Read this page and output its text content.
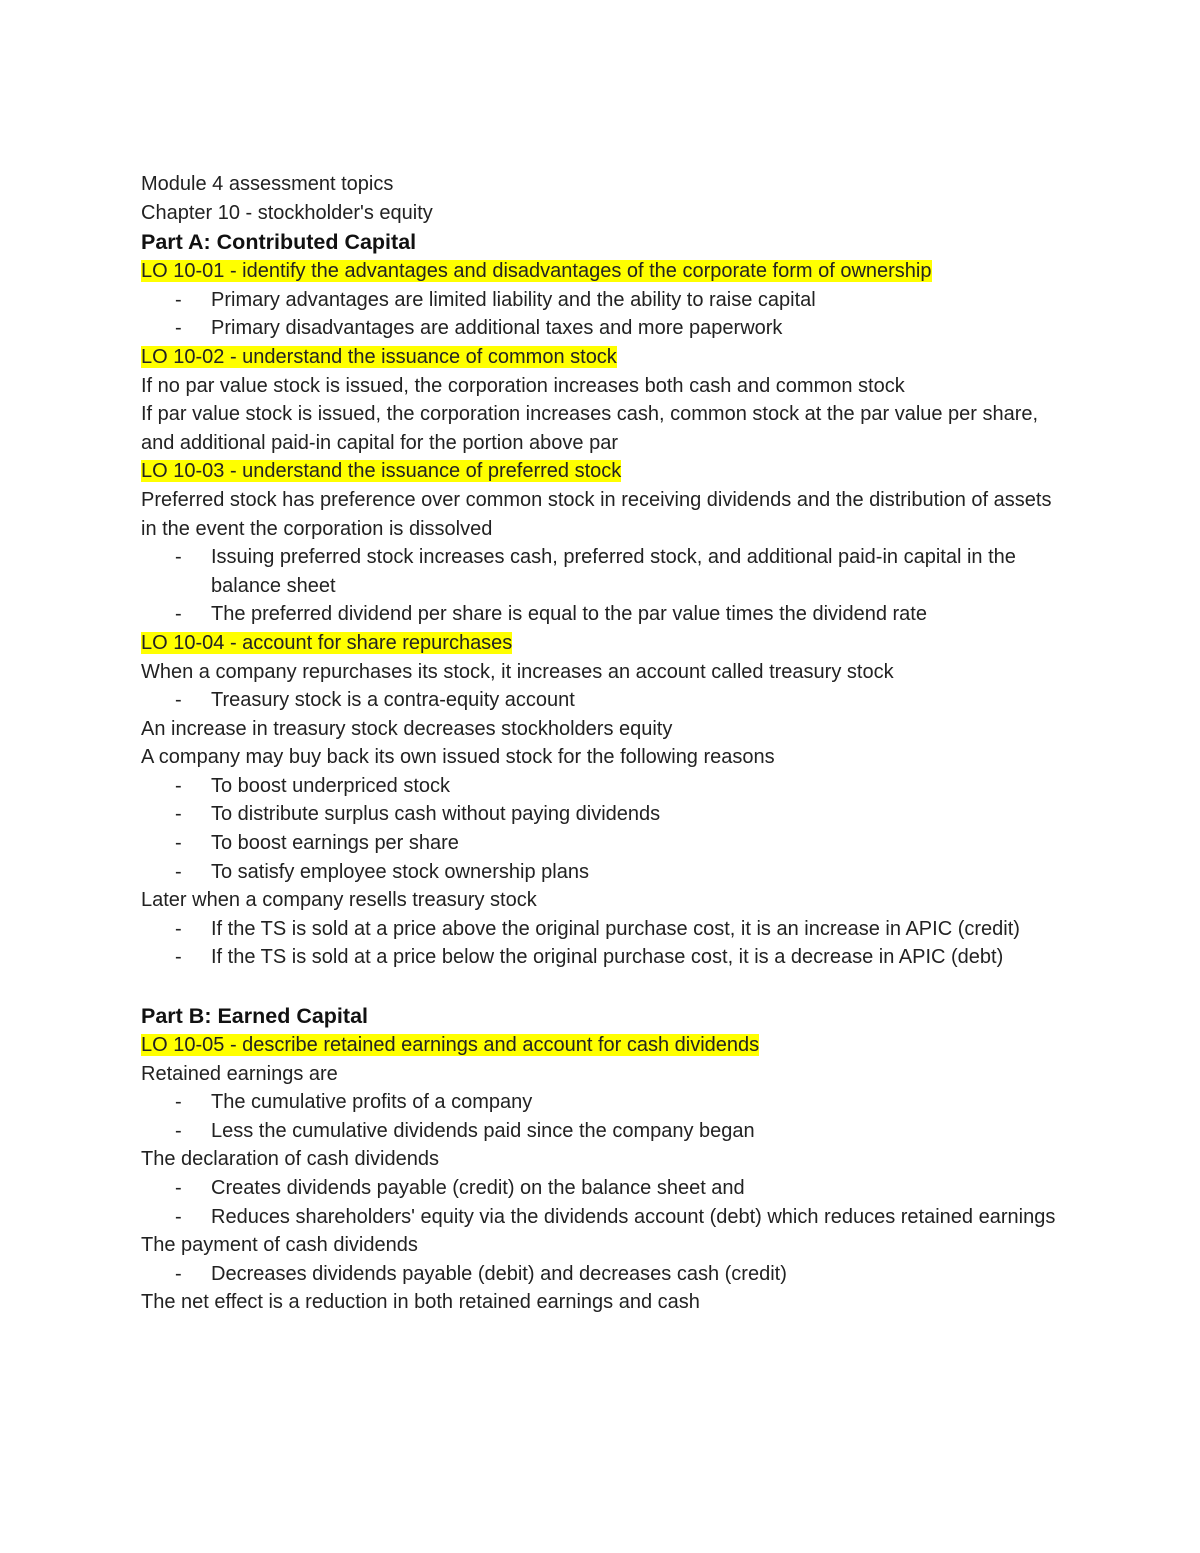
Module 4 assessment topics
Chapter 10 - stockholder's equity
Part A: Contributed Capital
LO 10-01 - identify the advantages and disadvantages of the corporate form of ownership
- Primary advantages are limited liability and the ability to raise capital
- Primary disadvantages are additional taxes and more paperwork
LO 10-02 - understand the issuance of common stock
If no par value stock is issued, the corporation increases both cash and common stock
If par value stock is issued, the corporation increases cash, common stock at the par value per share, and additional paid-in capital for the portion above par
LO 10-03 - understand the issuance of preferred stock
Preferred stock has preference over common stock in receiving dividends and the distribution of assets in the event the corporation is dissolved
- Issuing preferred stock increases cash, preferred stock, and additional paid-in capital in the balance sheet
- The preferred dividend per share is equal to the par value times the dividend rate
LO 10-04 - account for share repurchases
When a company repurchases its stock, it increases an account called treasury stock
- Treasury stock is a contra-equity account
An increase in treasury stock decreases stockholders equity
A company may buy back its own issued stock for the following reasons
- To boost underpriced stock
- To distribute surplus cash without paying dividends
- To boost earnings per share
- To satisfy employee stock ownership plans
Later when a company resells treasury stock
- If the TS is sold at a price above the original purchase cost, it is an increase in APIC (credit)
- If the TS is sold at a price below the original purchase cost, it is a decrease in APIC (debt)
Part B: Earned Capital
LO 10-05 - describe retained earnings and account for cash dividends
Retained earnings are
- The cumulative profits of a company
- Less the cumulative dividends paid since the company began
The declaration of cash dividends
- Creates dividends payable (credit) on the balance sheet and
- Reduces shareholders' equity via the dividends account (debt) which reduces retained earnings
The payment of cash dividends
- Decreases dividends payable (debit) and decreases cash (credit)
The net effect is a reduction in both retained earnings and cash
